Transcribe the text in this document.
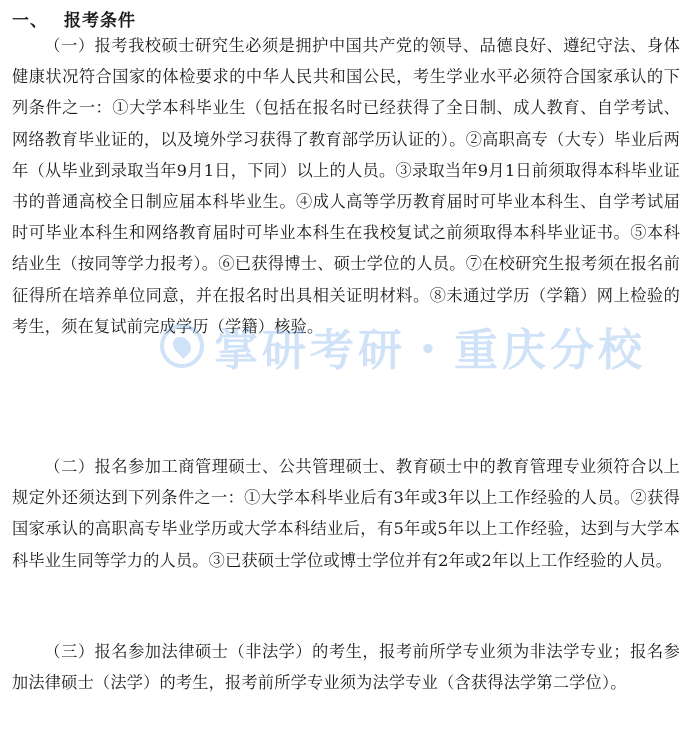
一、 报考条件
（一）报考我校硕士研究生必须是拥护中国共产党的领导、品德良好、遵纪守法、身体健康状况符合国家的体检要求的中华人民共和国公民，考生学业水平必须符合国家承认的下列条件之一：①大学本科毕业生（包括在报名时已经获得了全日制、成人教育、自学考试、网络教育毕业证的，以及境外学习获得了教育部学历认证的）。②高职高专（大专）毕业后两年（从毕业到录取当年9月1日，下同）以上的人员。③录取当年9月1日前须取得本科毕业证书的普通高校全日制应届本科毕业生。④成人高等学历教育届时可毕业本科生、自学考试届时可毕业本科生和网络教育届时可毕业本科生在我校复试之前须取得本科毕业证书。⑤本科结业生（按同等学力报考）。⑥已获得博士、硕士学位的人员。⑦在校研究生报考须在报名前征得所在培养单位同意，并在报名时出具相关证明材料。⑧未通过学历（学籍）网上检验的考生，须在复试前完成学历（学籍）核验。
（二）报名参加工商管理硕士、公共管理硕士、教育硕士中的教育管理专业须符合以上规定外还须达到下列条件之一：①大学本科毕业后有3年或3年以上工作经验的人员。②获得国家承认的高职高专毕业学历或大学本科结业后，有5年或5年以上工作经验，达到与大学本科毕业生同等学力的人员。③已获硕士学位或博士学位并有2年或2年以上工作经验的人员。
（三）报名参加法律硕士（非法学）的考生，报考前所学专业须为非法学专业；报名参加法律硕士（法学）的考生，报考前所学专业须为法学专业（含获得法学第二学位）。
掌研考研・重庆分校
